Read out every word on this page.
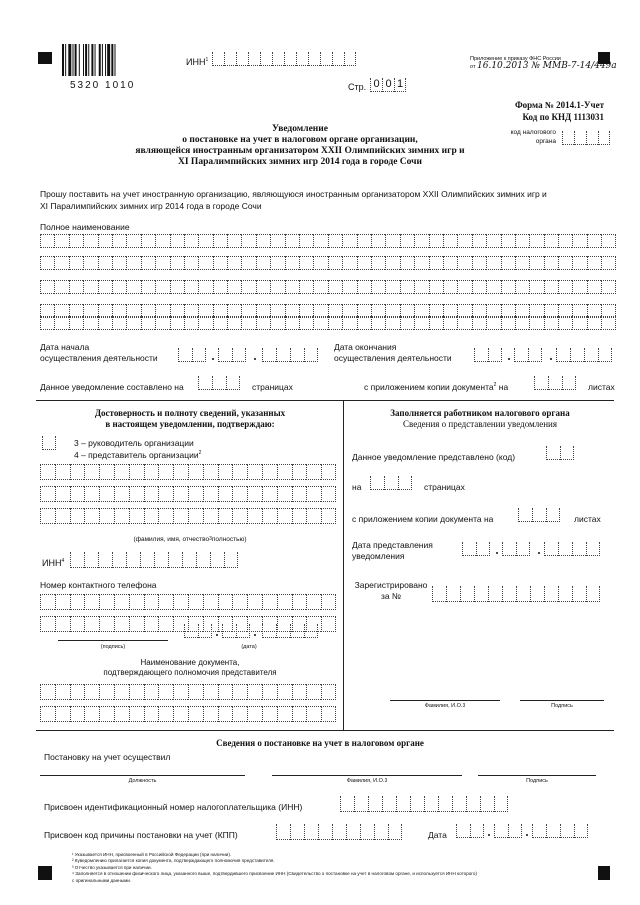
5320 1010
ИНН$^1$
Стр. 0 0 1
Приложение к приказу ФНС России
от 16.10.2013 № ММВ-7-14/449а
Форма № 2014.1-Учет
Код по КНД 1113031
код налогового
органа
Уведомление
о постановке на учет в налоговом органе организации,
являющейся иностранным организатором XXII Олимпийских зимних игр и
XI Паралимпийских зимних игр 2014 года в городе Сочи
Прошу поставить на учет иностранную организацию, являющуюся иностранным организатором XXII Олимпийских зимних игр и
XI Паралимпийских зимних игр 2014 года в городе Сочи
Полное наименование
Дата начала
осуществления деятельности
Дата окончания
осуществления деятельности
Данное уведомление составлено на	страницах	с приложением копии документа$^2$ на	листах
Достоверность и полноту сведений, указанных
в настоящем уведомлении, подтверждаю:
3 – руководитель организации
4 – представитель организации$^2$
(фамилия, имя, отчество$^3$полностью)
ИНН$^4$
Номер контактного телефона
(подпись)	(дата)
Наименование документа,
подтверждающего полномочия представителя
Заполняется работником налогового органа
Сведения о представлении уведомления
Данное уведомление представлено (код)
на	страницах
с приложением копии документа на	листах
Дата представления
уведомления
Зарегистрировано
за №
Фамилия, И.О.3	Подпись
Сведения о постановке на учет в налоговом органе
Постановку на учет осуществил
Должность	Фамилия, И.О.3	Подпись
Присвоен идентификационный номер налогоплательщика (ИНН)
Присвоен код причины постановки на учет (КПП)	Дата
¹ Указывается ИНН, присвоенный в Российской Федерации (при наличии).
² Куведомлению прилагается копия документа, подтверждающего полномочия представителя.
³ Отчество указывается при наличии.
⁴ Заполняется в отношении физического лица, указанного выше, подтвердившего присвоение ИНН (Свидетельство о постановке на учет в налоговом органе, и используется ИНН которого)
с оригинальными данными.
